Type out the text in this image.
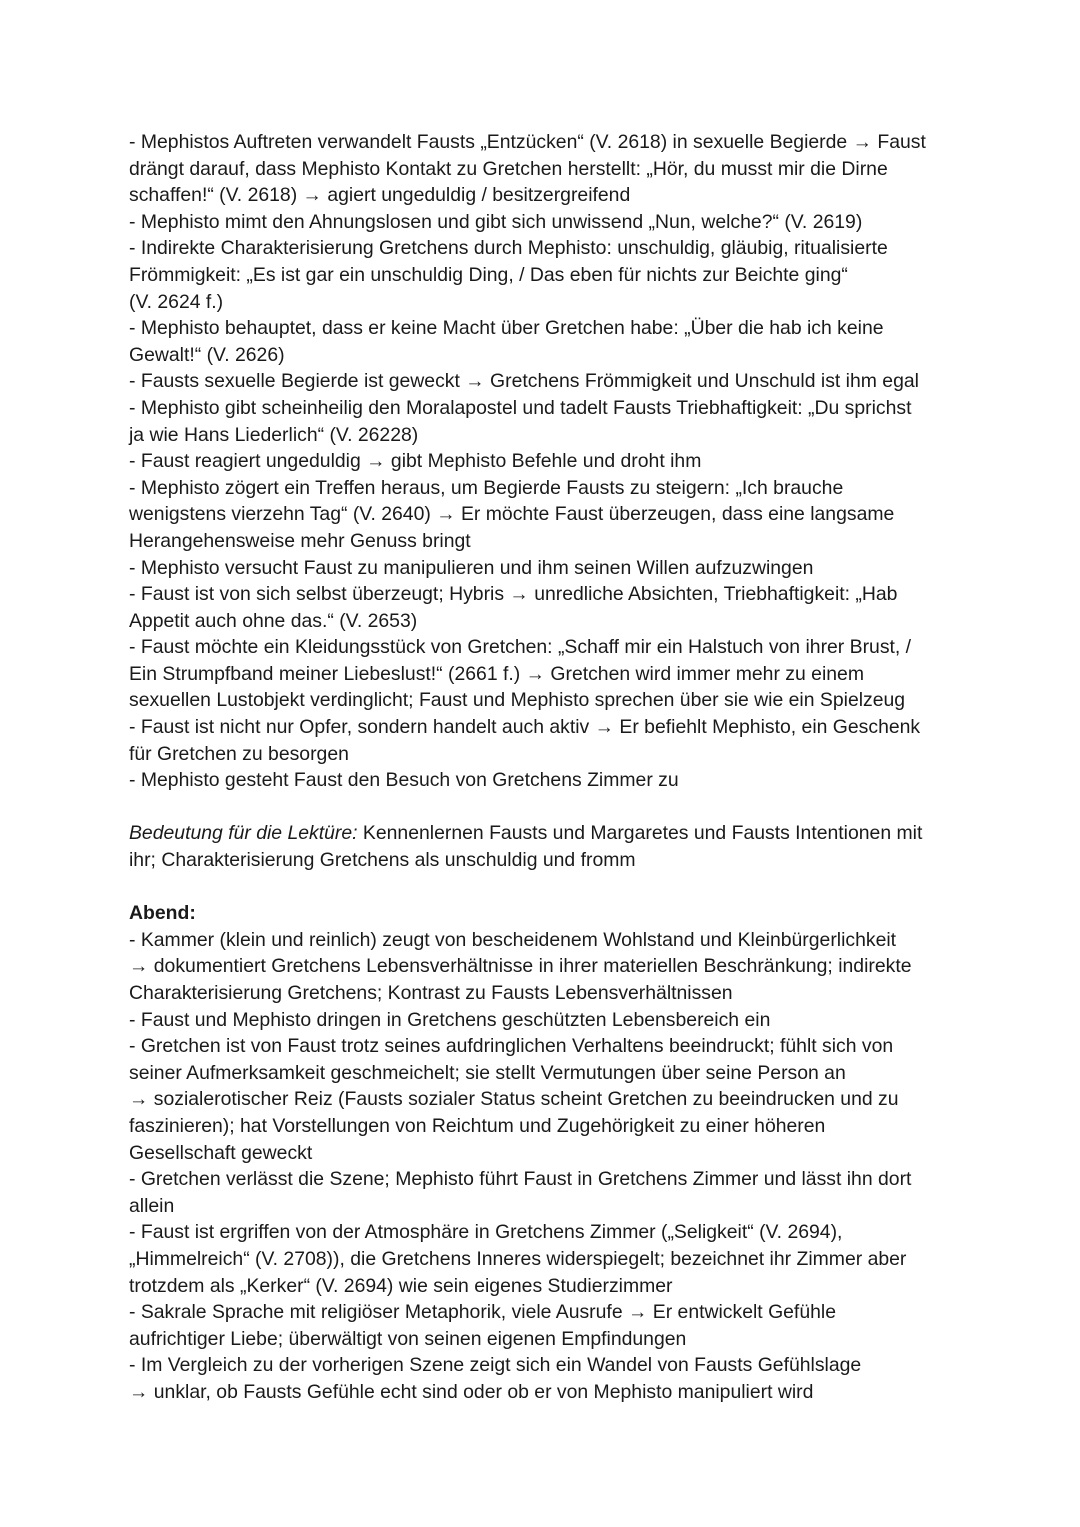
- Mephistos Auftreten verwandelt Fausts „Entzücken“ (V. 2618) in sexuelle Begierde → Faust
drängt darauf, dass Mephisto Kontakt zu Gretchen herstellt: „Hör, du musst mir die Dirne
schaffen!“ (V. 2618) → agiert ungeduldig / besitzergreifend
- Mephisto mimt den Ahnungslosen und gibt sich unwissend „Nun, welche?“ (V. 2619)
- Indirekte Charakterisierung Gretchens durch Mephisto: unschuldig, gläubig, ritualisierte
Frömmigkeit: „Es ist gar ein unschuldig Ding, / Das eben für nichts zur Beichte ging“
(V. 2624 f.)
- Mephisto behauptet, dass er keine Macht über Gretchen habe: „Über die hab ich keine
Gewalt!“ (V. 2626)
- Fausts sexuelle Begierde ist geweckt → Gretchens Frömmigkeit und Unschuld ist ihm egal
- Mephisto gibt scheinheilig den Moralapostel und tadelt Fausts Triebhaftigkeit: „Du sprichst
ja wie Hans Liederlich“ (V. 26228)
- Faust reagiert ungeduldig → gibt Mephisto Befehle und droht ihm
- Mephisto zögert ein Treffen heraus, um Begierde Fausts zu steigern: „Ich brauche
wenigstens vierzehn Tag“ (V. 2640) → Er möchte Faust überzeugen, dass eine langsame
Herangehensweise mehr Genuss bringt
- Mephisto versucht Faust zu manipulieren und ihm seinen Willen aufzuzwingen
- Faust ist von sich selbst überzeugt; Hybris → unredliche Absichten, Triebhaftigkeit: „Hab
Appetit auch ohne das.“ (V. 2653)
- Faust möchte ein Kleidungsstück von Gretchen: „Schaff mir ein Halstuch von ihrer Brust, /
Ein Strumpfband meiner Liebeslust!“ (2661 f.) → Gretchen wird immer mehr zu einem
sexuellen Lustobjekt verdinglicht; Faust und Mephisto sprechen über sie wie ein Spielzeug
- Faust ist nicht nur Opfer, sondern handelt auch aktiv → Er befiehlt Mephisto, ein Geschenk
für Gretchen zu besorgen
- Mephisto gesteht Faust den Besuch von Gretchens Zimmer zu
Bedeutung für die Lektüre: Kennenlernen Fausts und Margaretes und Fausts Intentionen mit
ihr; Charakterisierung Gretchens als unschuldig und fromm
Abend:
- Kammer (klein und reinlich) zeugt von bescheidenem Wohlstand und Kleinbürgerlichkeit
→ dokumentiert Gretchens Lebensverhältnisse in ihrer materiellen Beschränkung; indirekte
Charakterisierung Gretchens; Kontrast zu Fausts Lebensverhältnissen
- Faust und Mephisto dringen in Gretchens geschützten Lebensbereich ein
- Gretchen ist von Faust trotz seines aufdringlichen Verhaltens beeindruckt; fühlt sich von
seiner Aufmerksamkeit geschmeichelt; sie stellt Vermutungen über seine Person an
→ sozialerotischer Reiz (Fausts sozialer Status scheint Gretchen zu beeindrucken und zu
faszinieren); hat Vorstellungen von Reichtum und Zugehörigkeit zu einer höheren
Gesellschaft geweckt
- Gretchen verlässt die Szene; Mephisto führt Faust in Gretchens Zimmer und lässt ihn dort
allein
- Faust ist ergriffen von der Atmosphäre in Gretchens Zimmer („Seligkeit“ (V. 2694),
„Himmelreich“ (V. 2708)), die Gretchens Inneres widerspiegelt; bezeichnet ihr Zimmer aber
trotzdem als „Kerker“ (V. 2694) wie sein eigenes Studierzimmer
- Sakrale Sprache mit religiöser Metaphorik, viele Ausrufe → Er entwickelt Gefühle
aufrichtiger Liebe; überwältigt von seinen eigenen Empfindungen
- Im Vergleich zu der vorherigen Szene zeigt sich ein Wandel von Fausts Gefühlslage
→ unklar, ob Fausts Gefühle echt sind oder ob er von Mephisto manipuliert wird
